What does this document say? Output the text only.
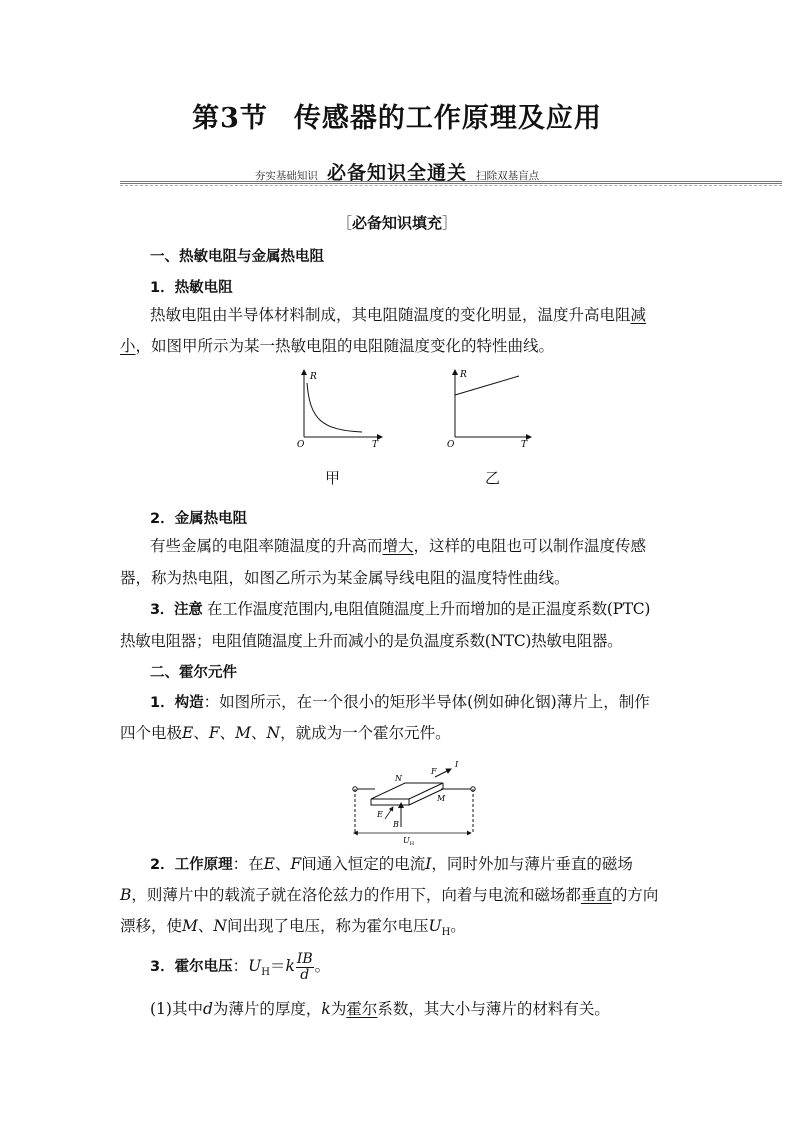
第3节 传感器的工作原理及应用
夯实基础知识 必备知识全通关 扫除双基盲点
［必备知识填充］
一、热敏电阻与金属热电阻
1．热敏电阻
热敏电阻由半导体材料制成，其电阻随温度的变化明显，温度升高电阻减
小，如图甲所示为某一热敏电阻的电阻随温度变化的特性曲线。
R
O	T
甲
R
O	T
乙
2．金属热电阻
有些金属的电阻率随温度的升高而增大，这样的电阻也可以制作温度传感
器，称为热电阻，如图乙所示为某金属导线电阻的温度特性曲线。
3．注意 在工作温度范围内,电阻值随温度上升而增加的是正温度系数(PTC)
热敏电阻器；电阻值随温度上升而减小的是负温度系数(NTC)热敏电阻器。
二、霍尔元件
1．构造：如图所示，在一个很小的矩形半导体(例如砷化铟)薄片上，制作
四个电极E、F、M、N，就成为一个霍尔元件。
N
F
I
M
E
B
$U_H$
2．工作原理：在E、F间通入恒定的电流I，同时外加与薄片垂直的磁场
B，则薄片中的载流子就在洛伦兹力的作用下，向着与电流和磁场都垂直的方向
漂移，使M、N间出现了电压，称为霍尔电压$U_H$。
3．霍尔电压：$U_H=k \frac{IB}{d}$ 。
(1)其中d为薄片的厚度，k为霍尔系数，其大小与薄片的材料有关。
